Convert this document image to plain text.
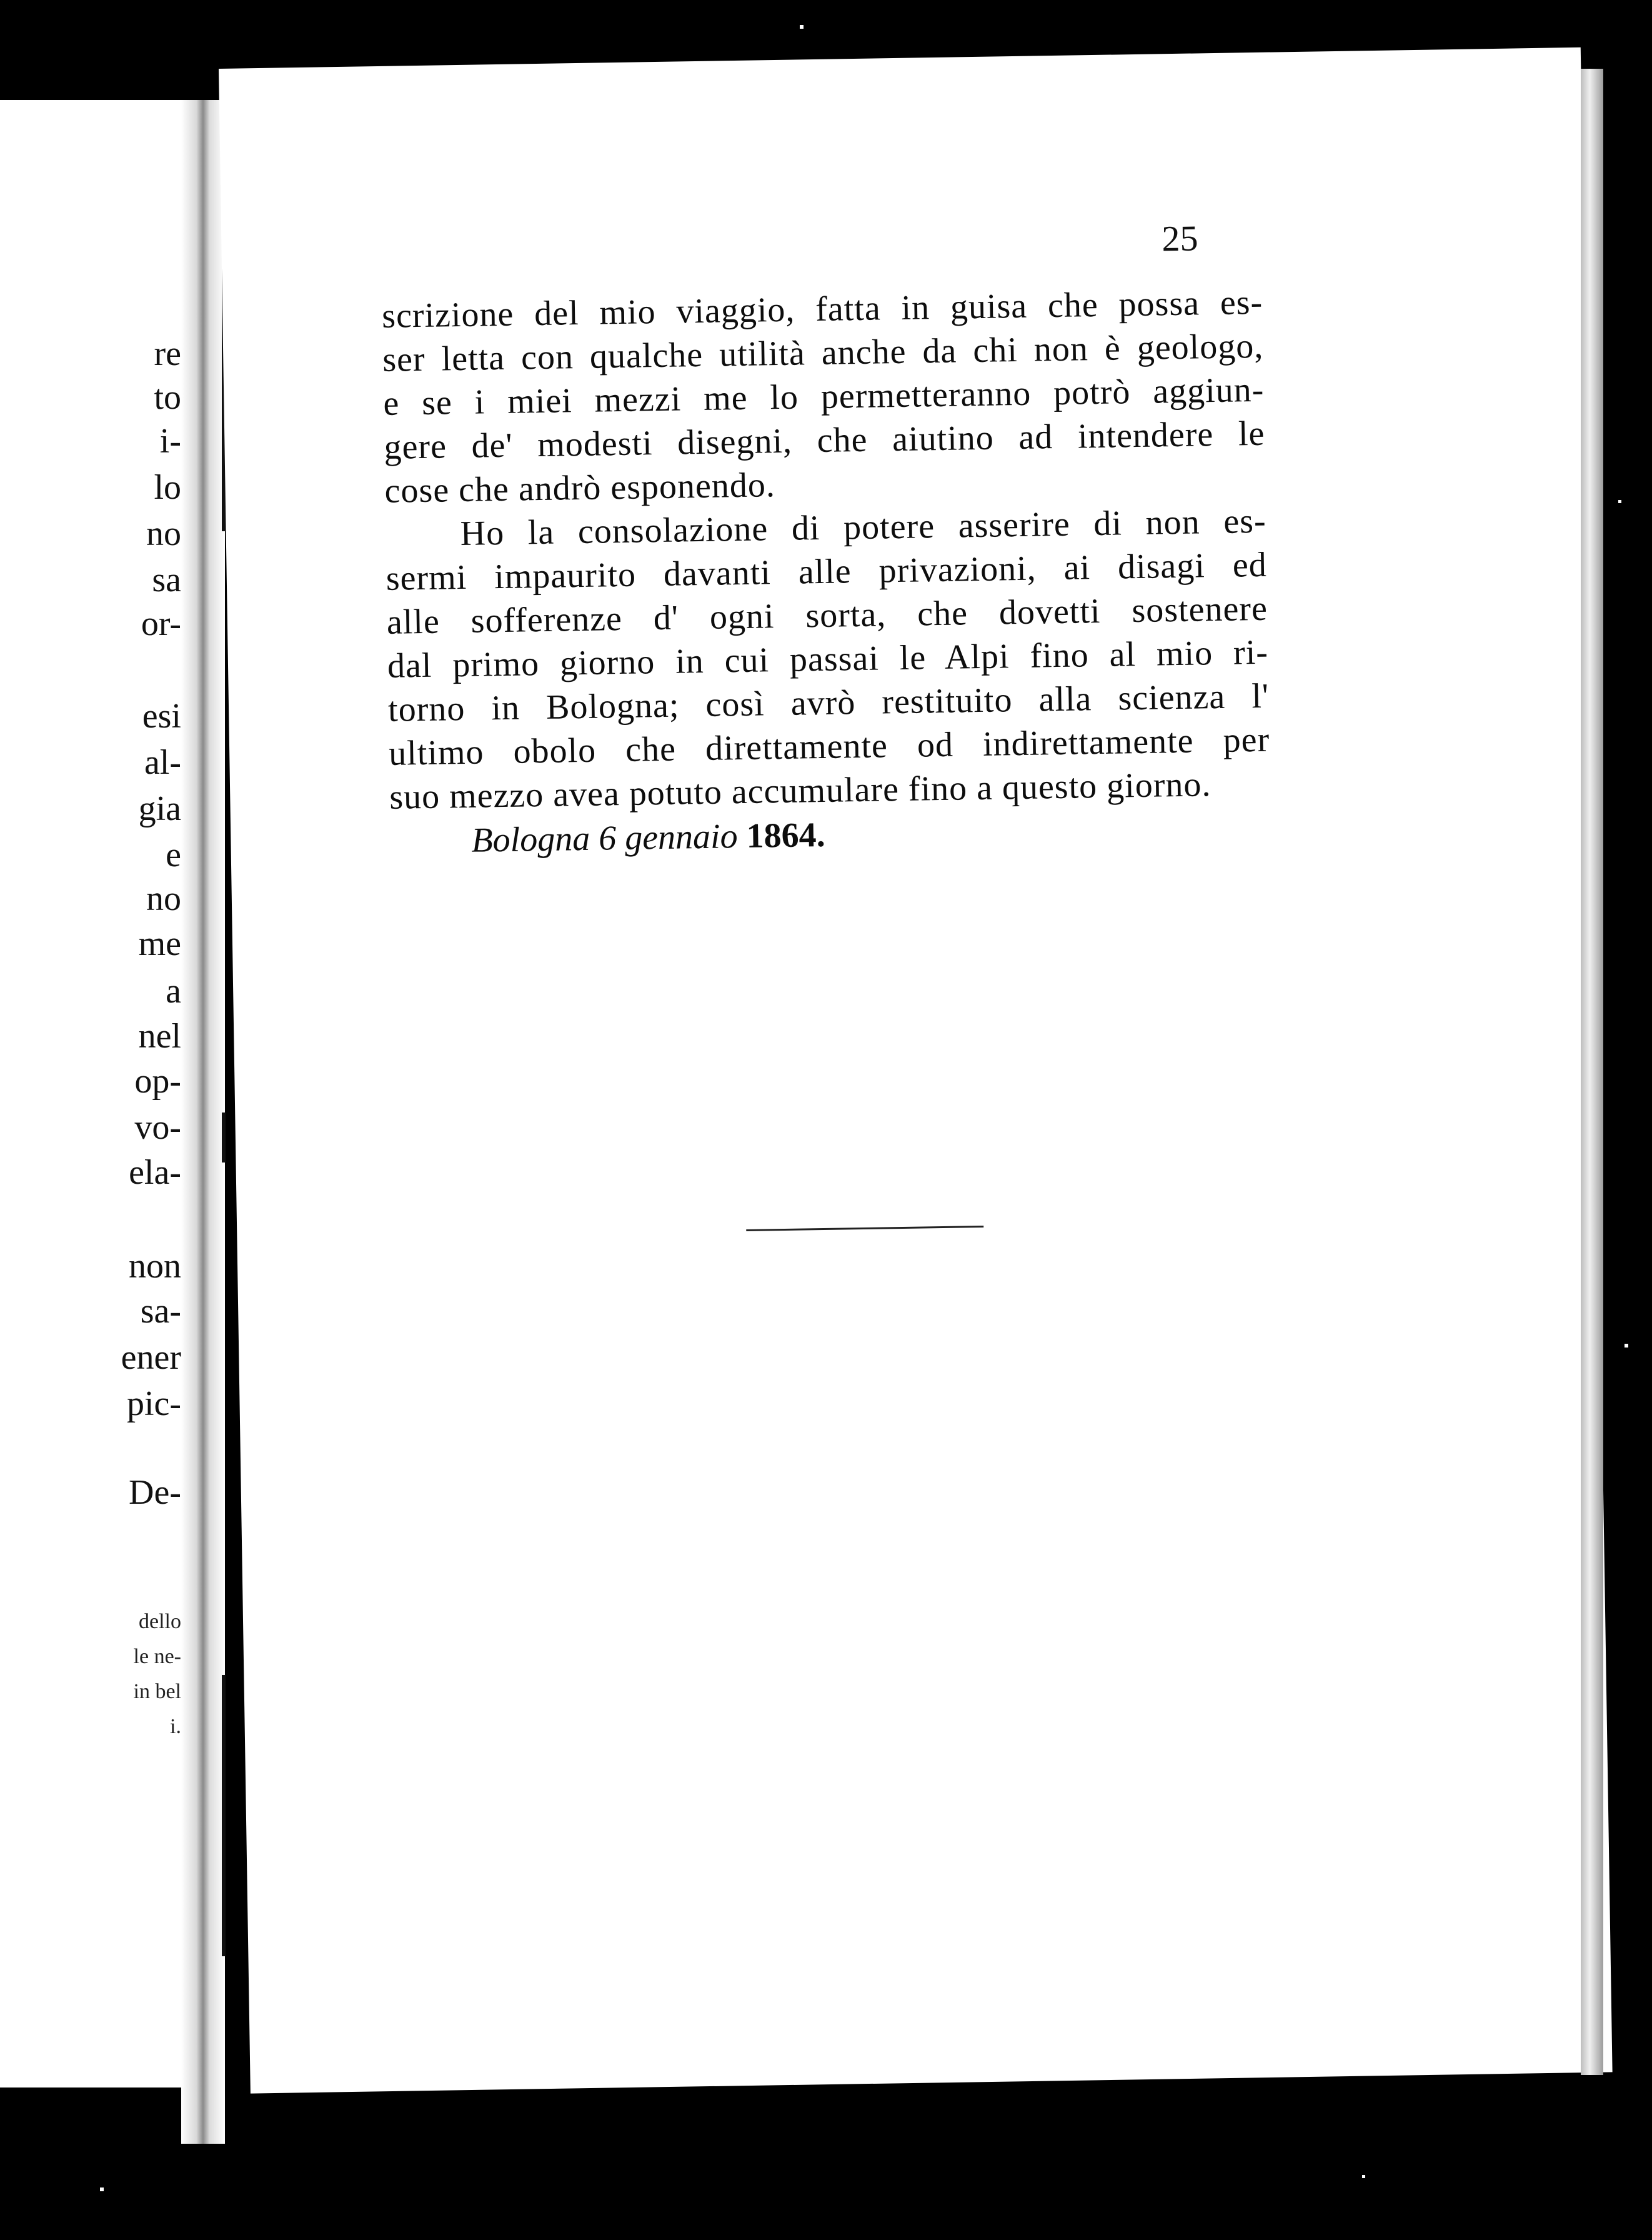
re
to
i-
lo
no
sa
or-
esi
al-
gia
e
no
me
a
nel
op-
vo-
ela-
non
sa-
ener
pic-
De-
dello
le ne-
in bel
i.
25
scrizione del mio viaggio, fatta in guisa che possa es-
ser letta con qualche utilità anche da chi non è geologo,
e se i miei mezzi me lo permetteranno potrò aggiun-
gere de' modesti disegni, che aiutino ad intendere le
cose che andrò esponendo.
Ho la consolazione di potere asserire di non es-
sermi impaurito davanti alle privazioni, ai disagi ed
alle sofferenze d' ogni sorta, che dovetti sostenere
dal primo giorno in cui passai le Alpi fino al mio ri-
torno in Bologna; così avrò restituito alla scienza l'
ultimo obolo che direttamente od indirettamente per
suo mezzo avea potuto accumulare fino a questo giorno.
Bologna 6 gennaio 1864.
